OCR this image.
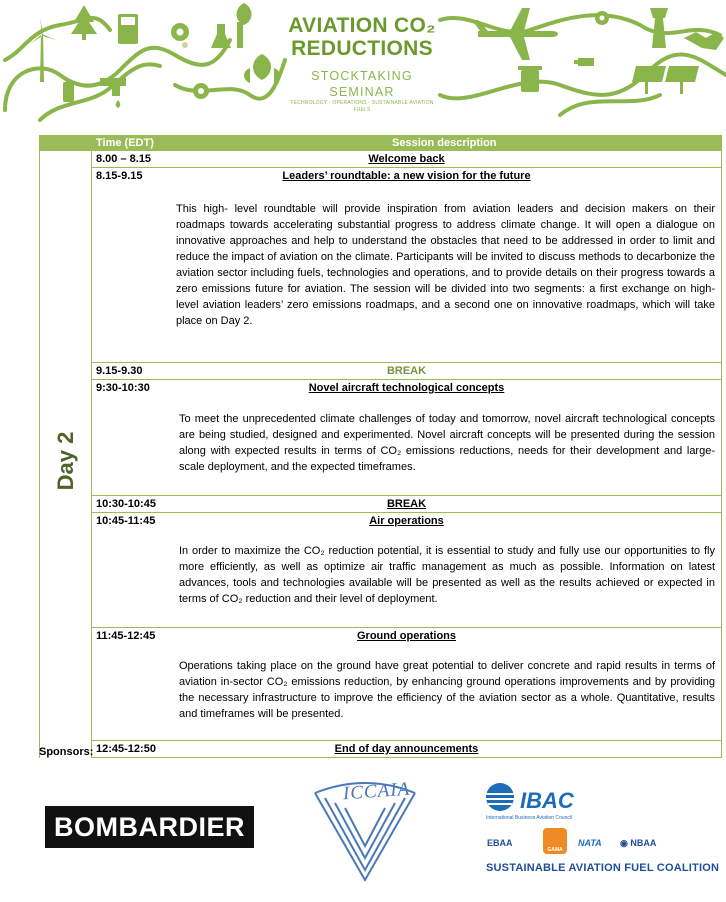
AVIATION CO₂
REDUCTIONS
STOCKTAKING SEMINAR
TECHNOLOGY - OPERATIONS - SUSTAINABLE AVIATION FUELS
Time (EDT)	Session description
Day 2
8.00 – 8.15	Welcome back
8.15-9.15	Leaders’ roundtable: a new vision for the future
This high- level roundtable will provide inspiration from aviation leaders and decision makers on their roadmaps towards accelerating substantial progress to address climate change. It will open a dialogue on innovative approaches and help to understand the obstacles that need to be addressed in order to limit and reduce the impact of aviation on the climate. Participants will be invited to discuss methods to decarbonize the aviation sector including fuels, technologies and operations, and to provide details on their progress towards a zero emissions future for aviation. The session will be divided into two segments: a first exchange on high-level aviation leaders’ zero emissions roadmaps, and a second one on innovative roadmaps, which will take place on Day 2.
9.15-9.30	BREAK
9:30-10:30	Novel aircraft technological concepts
To meet the unprecedented climate challenges of today and tomorrow, novel aircraft technological concepts are being studied, designed and experimented. Novel aircraft concepts will be presented during the session along with expected results in terms of CO₂ emissions reductions, needs for their development and large-scale deployment, and the expected timeframes.
10:30-10:45	BREAK
10:45-11:45	Air operations
In order to maximize the CO₂ reduction potential, it is essential to study and fully use our opportunities to fly more efficiently, as well as optimize air traffic management as much as possible. Information on latest advances, tools and technologies available will be presented as well as the results achieved or expected in terms of CO₂ reduction and their level of deployment.
11:45-12:45	Ground operations
Operations taking place on the ground have great potential to deliver concrete and rapid results in terms of aviation in-sector CO₂ emissions reduction, by enhancing ground operations improvements and by providing the necessary infrastructure to improve the efficiency of the aviation sector as a whole. Quantitative, results and timeframes will be presented.
12:45-12:50	End of day announcements
Sponsors:
BOMBARDIER
ICCAIA	IBAC
International Business Aviation Council
EBAA
GAMA
NATA ◉ NBAA
SUSTAINABLE AVIATION FUEL COALITION
